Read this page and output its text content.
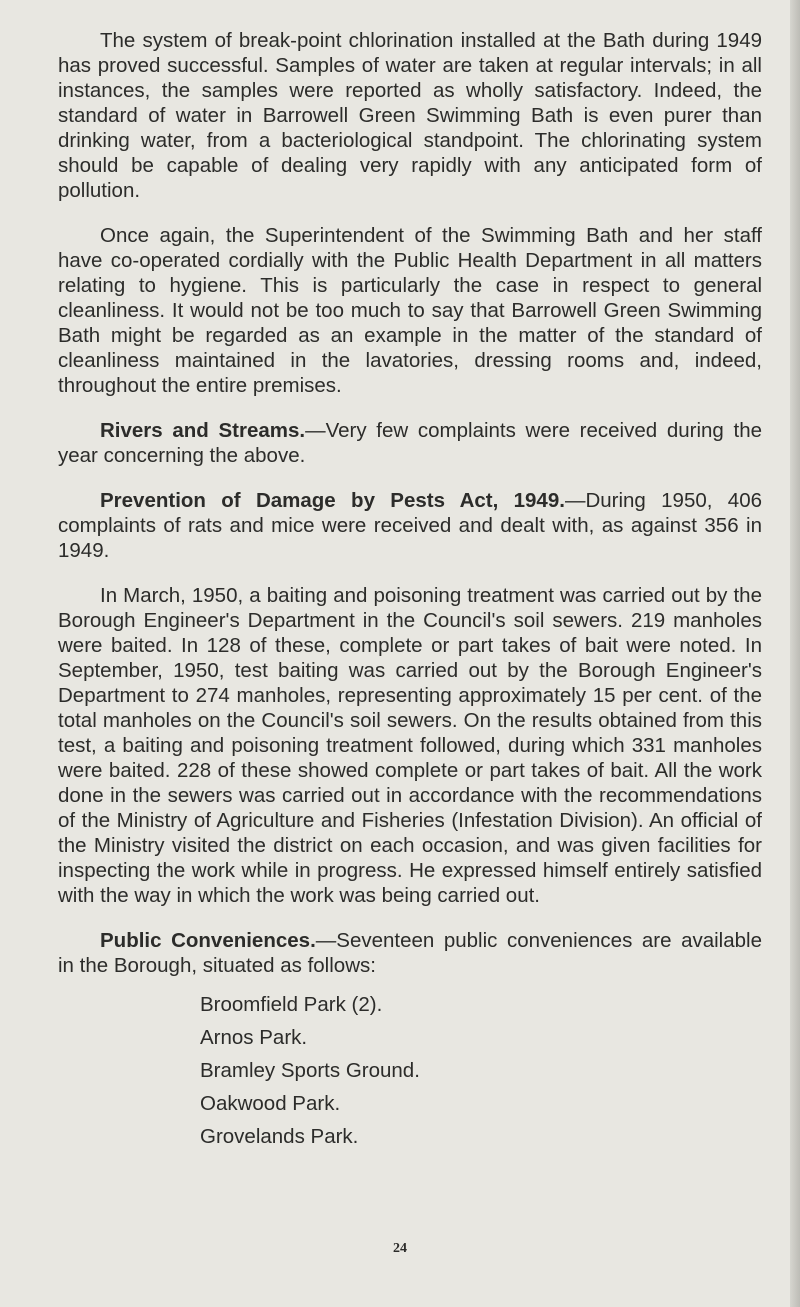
The system of break-point chlorination installed at the Bath during 1949 has proved successful. Samples of water are taken at regular intervals; in all instances, the samples were reported as wholly satisfactory. Indeed, the standard of water in Barrowell Green Swimming Bath is even purer than drinking water, from a bacteriological standpoint. The chlorinating system should be capable of dealing very rapidly with any anticipated form of pollution.

Once again, the Superintendent of the Swimming Bath and her staff have co-operated cordially with the Public Health Department in all matters relating to hygiene. This is particularly the case in respect to general cleanliness. It would not be too much to say that Barrowell Green Swimming Bath might be regarded as an example in the matter of the standard of cleanliness maintained in the lavatories, dressing rooms and, indeed, throughout the entire premises.

Rivers and Streams.—Very few complaints were received during the year concerning the above.

Prevention of Damage by Pests Act, 1949.—During 1950, 406 complaints of rats and mice were received and dealt with, as against 356 in 1949.

In March, 1950, a baiting and poisoning treatment was carried out by the Borough Engineer's Department in the Council's soil sewers. 219 manholes were baited. In 128 of these, complete or part takes of bait were noted. In September, 1950, test baiting was carried out by the Borough Engineer's Department to 274 manholes, representing approximately 15 per cent. of the total manholes on the Council's soil sewers. On the results obtained from this test, a baiting and poisoning treatment followed, during which 331 manholes were baited. 228 of these showed complete or part takes of bait. All the work done in the sewers was carried out in accordance with the recommendations of the Ministry of Agriculture and Fisheries (Infestation Division). An official of the Ministry visited the district on each occasion, and was given facilities for inspecting the work while in progress. He expressed himself entirely satisfied with the way in which the work was being carried out.

Public Conveniences.—Seventeen public conveniences are available in the Borough, situated as follows:

Broomfield Park (2).
Arnos Park.
Bramley Sports Ground.
Oakwood Park.
Grovelands Park.
24
